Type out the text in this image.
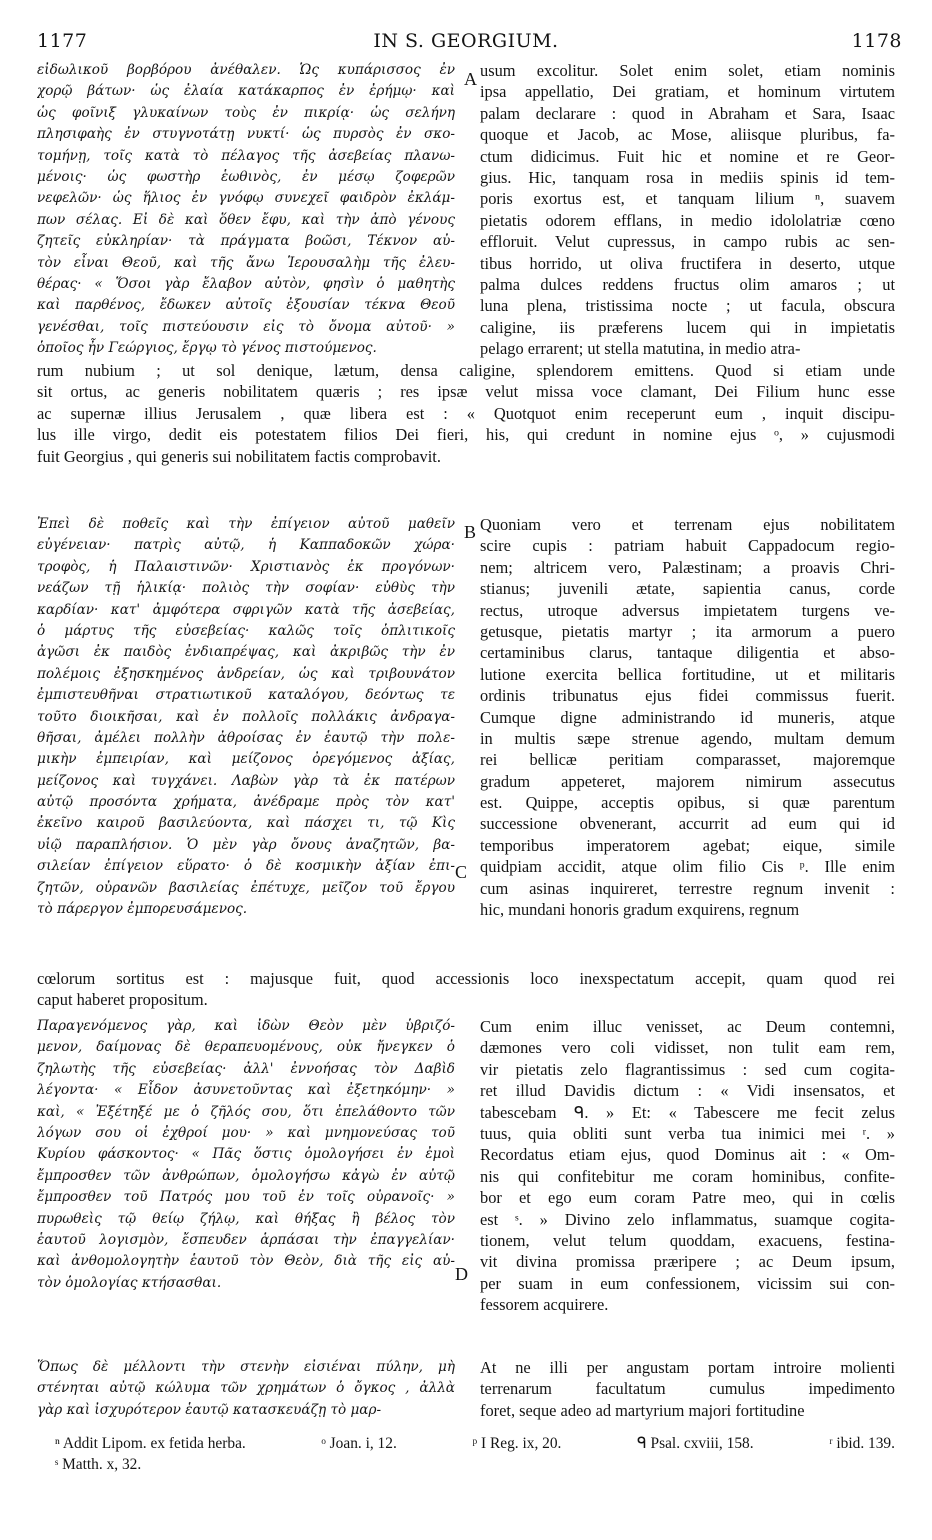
1177	IN S. GEORGIUM.	1178
A
B
C
D
εἰδωλικοῦ βορβόρου ἀνέθαλεν. Ὡς κυπάρισσος ἐν
χορῷ βάτων· ὡς ἐλαία κατάκαρπος ἐν ἐρήμῳ· καὶ
ὡς φοῖνιξ γλυκαίνων τοὺς ἐν πικρίᾳ· ὡς σελήνη
πλησιφαὴς ἐν στυγνοτάτῃ νυκτί· ὡς πυρσὸς ἐν σκο-
τομήνῃ, τοῖς κατὰ τὸ πέλαγος τῆς ἀσεβείας πλανω-
μένοις· ὡς φωστὴρ ἑωθινὸς, ἐν μέσῳ ζοφερῶν
νεφελῶν· ὡς ἥλιος ἐν γνόφῳ συνεχεῖ φαιδρὸν ἐκλάμ-
πων σέλας. Εἰ δὲ καὶ ὅθεν ἔφυ, καὶ τὴν ἀπὸ γένους
ζητεῖς εὐκληρίαν· τὰ πράγματα βοῶσι, Τέκνον αὐ-
τὸν εἶναι Θεοῦ, καὶ τῆς ἄνω Ἱερουσαλὴμ τῆς ἐλευ-
θέρας· « Ὅσοι γὰρ ἔλαβον αὐτὸν, φησὶν ὁ μαθητὴς
καὶ παρθένος, ἔδωκεν αὐτοῖς ἐξουσίαν τέκνα Θεοῦ
γενέσθαι, τοῖς πιστεύουσιν εἰς τὸ ὄνομα αὐτοῦ· »
ὁποῖος ἦν Γεώργιος, ἔργῳ τὸ γένος πιστούμενος.
usum excolitur. Solet enim solet, etiam nominis
ipsa appellatio, Dei gratiam, et hominum virtutem
palam declarare : quod in Abraham et Sara, Isaac
quoque et Jacob, ac Mose, aliisque pluribus, fa-
ctum didicimus. Fuit hic et nomine et re Geor-
gius. Hic, tanquam rosa in mediis spinis id tem-
poris exortus est, et tanquam lilium ⁿ, suavem
pietatis odorem efflans, in medio idololatriæ cœno
effloruit. Velut cupressus, in campo rubis ac sen-
tibus horrido, ut oliva fructifera in deserto, utque
palma dulces reddens fructus olim amaros ; ut
luna plena, tristissima nocte ; ut facula, obscura
caligine, iis præferens lucem qui in impietatis
pelago errarent; ut stella matutina, in medio atra-
rum nubium ; ut sol denique, lætum, densa caligine, splendorem emittens. Quod si etiam unde
sit ortus, ac generis nobilitatem quæris ; res ipsæ velut missa voce clamant, Dei Filium hunc esse
ac supernæ illius Jerusalem , quæ libera est : « Quotquot enim receperunt eum , inquit discipu-
lus ille virgo, dedit eis potestatem filios Dei fieri, his, qui credunt in nomine ejus ᵒ, » cujusmodi
fuit Georgius , qui generis sui nobilitatem factis comprobavit.
Ἐπεὶ δὲ ποθεῖς καὶ τὴν ἐπίγειον αὐτοῦ μαθεῖν
εὐγένειαν· πατρὶς αὐτῷ, ἡ Καππαδοκῶν χώρα·
τροφὸς, ἡ Παλαιστινῶν· Χριστιανὸς ἐκ προγόνων·
νεάζων τῇ ἡλικίᾳ· πολιὸς τὴν σοφίαν· εὐθὺς τὴν
καρδίαν· κατ' ἀμφότερα σφριγῶν κατὰ τῆς ἀσεβείας,
ὁ μάρτυς τῆς εὐσεβείας· καλῶς τοῖς ὁπλιτικοῖς
ἀγῶσι ἐκ παιδὸς ἐνδιαπρέψας, καὶ ἀκριβῶς τὴν ἐν
πολέμοις ἐξησκημένος ἀνδρείαν, ὡς καὶ τριβουνάτον
ἐμπιστευθῆναι στρατιωτικοῦ καταλόγου, δεόντως τε
τοῦτο διοικῆσαι, καὶ ἐν πολλοῖς πολλάκις ἀνδραγα-
θῆσαι, ἀμέλει πολλὴν ἀθροίσας ἐν ἑαυτῷ τὴν πολε-
μικὴν ἐμπειρίαν, καὶ μείζονος ὀρεγόμενος ἀξίας,
μείζονος καὶ τυγχάνει. Λαβὼν γὰρ τὰ ἐκ πατέρων
αὐτῷ προσόντα χρήματα, ἀνέδραμε πρὸς τὸν κατ'
ἐκεῖνο καιροῦ βασιλεύοντα, καὶ πάσχει τι, τῷ Κὶς
υἱῷ παραπλήσιον. Ὁ μὲν γὰρ ὄνους ἀναζητῶν, βα-
σιλείαν ἐπίγειον εὕρατο· ὁ δὲ κοσμικὴν ἀξίαν ἐπι-
ζητῶν, οὐρανῶν βασιλείας ἐπέτυχε, μεῖζον τοῦ ἔργου
τὸ πάρεργον ἐμπορευσάμενος.
Quoniam vero et terrenam ejus nobilitatem
scire cupis : patriam habuit Cappadocum regio-
nem; altricem vero, Palæstinam; a proavis Chri-
stianus; juvenili ætate, sapientia canus, corde
rectus, utroque adversus impietatem turgens ve-
getusque, pietatis martyr ; ita armorum a puero
certaminibus clarus, tantaque diligentia et abso-
lutione exercita bellica fortitudine, ut et militaris
ordinis tribunatus ejus fidei commissus fuerit.
Cumque digne administrando id muneris, atque
in multis sæpe strenue agendo, multam demum
rei bellicæ peritiam comparasset, majoremque
gradum appeteret, majorem nimirum assecutus
est. Quippe, acceptis opibus, si quæ parentum
successione obvenerant, accurrit ad eum qui id
temporibus imperatorem agebat; eique, simile
quidpiam accidit, atque olim filio Cis ᵖ. Ille enim
cum asinas inquireret, terrestre regnum invenit :
hic, mundani honoris gradum exquirens, regnum
cœlorum sortitus est : majusque fuit, quod accessionis loco inexspectatum accepit, quam quod rei
caput haberet propositum.
Παραγενόμενος γὰρ, καὶ ἰδὼν Θεὸν μὲν ὑβριζό-
μενον, δαίμονας δὲ θεραπευομένους, οὐκ ἤνεγκεν ὁ
ζηλωτὴς τῆς εὐσεβείας· ἀλλ' ἐννοήσας τὸν Δαβὶδ
λέγοντα· « Εἶδον ἀσυνετοῦντας καὶ ἐξετηκόμην· »
καὶ, « Ἐξέτηξέ με ὁ ζῆλός σου, ὅτι ἐπελάθοντο τῶν
λόγων σου οἱ ἐχθροί μου· » καὶ μνημονεύσας τοῦ
Κυρίου φάσκοντος· « Πᾶς ὅστις ὁμολογήσει ἐν ἐμοὶ
ἔμπροσθεν τῶν ἀνθρώπων, ὁμολογήσω κἀγὼ ἐν αὐτῷ
ἔμπροσθεν τοῦ Πατρός μου τοῦ ἐν τοῖς οὐρανοῖς· »
πυρωθεὶς τῷ θείῳ ζήλῳ, καὶ θήξας ἢ βέλος τὸν
ἑαυτοῦ λογισμὸν, ἔσπευδεν ἁρπάσαι τὴν ἐπαγγελίαν·
καὶ ἀνθομολογητὴν ἑαυτοῦ τὸν Θεὸν, διὰ τῆς εἰς αὐ-
τὸν ὁμολογίας κτήσασθαι.
Cum enim illuc venisset, ac Deum contemni,
dæmones vero coli vidisset, non tulit eam rem,
vir pietatis zelo flagrantissimus : sed cum cogita-
ret illud Davidis dictum : « Vidi insensatos, et
tabescebam ᑫ. » Et: « Tabescere me fecit zelus
tuus, quia obliti sunt verba tua inimici mei ʳ. »
Recordatus etiam ejus, quod Dominus ait : « Om-
nis qui confitebitur me coram hominibus, confite-
bor et ego eum coram Patre meo, qui in cœlis
est ˢ. » Divino zelo inflammatus, suamque cogita-
tionem, velut telum quoddam, exacuens, festina-
vit divina promissa præripere ; ac Deum ipsum,
per suam in eum confessionem, vicissim sui con-
fessorem acquirere.
Ὅπως δὲ μέλλοντι τὴν στενὴν εἰσιέναι πύλην, μὴ
στένηται αὐτῷ κώλυμα τῶν χρημάτων ὁ ὄγκος , ἀλλὰ
γὰρ καὶ ἰσχυρότερον ἑαυτῷ κατασκευάζῃ τὸ μαρ-
At ne illi per angustam portam introire molienti
terrenarum facultatum cumulus impedimento
foret, seque adeo ad martyrium majori fortitudine
ⁿ Addit Lipom. ex fetida herba.	ᵒ Joan. i, 12.	ᵖ I Reg. ix, 20.	ᑫ Psal. cxviii, 158.	ʳ ibid. 139.
ˢ Matth. x, 32.
